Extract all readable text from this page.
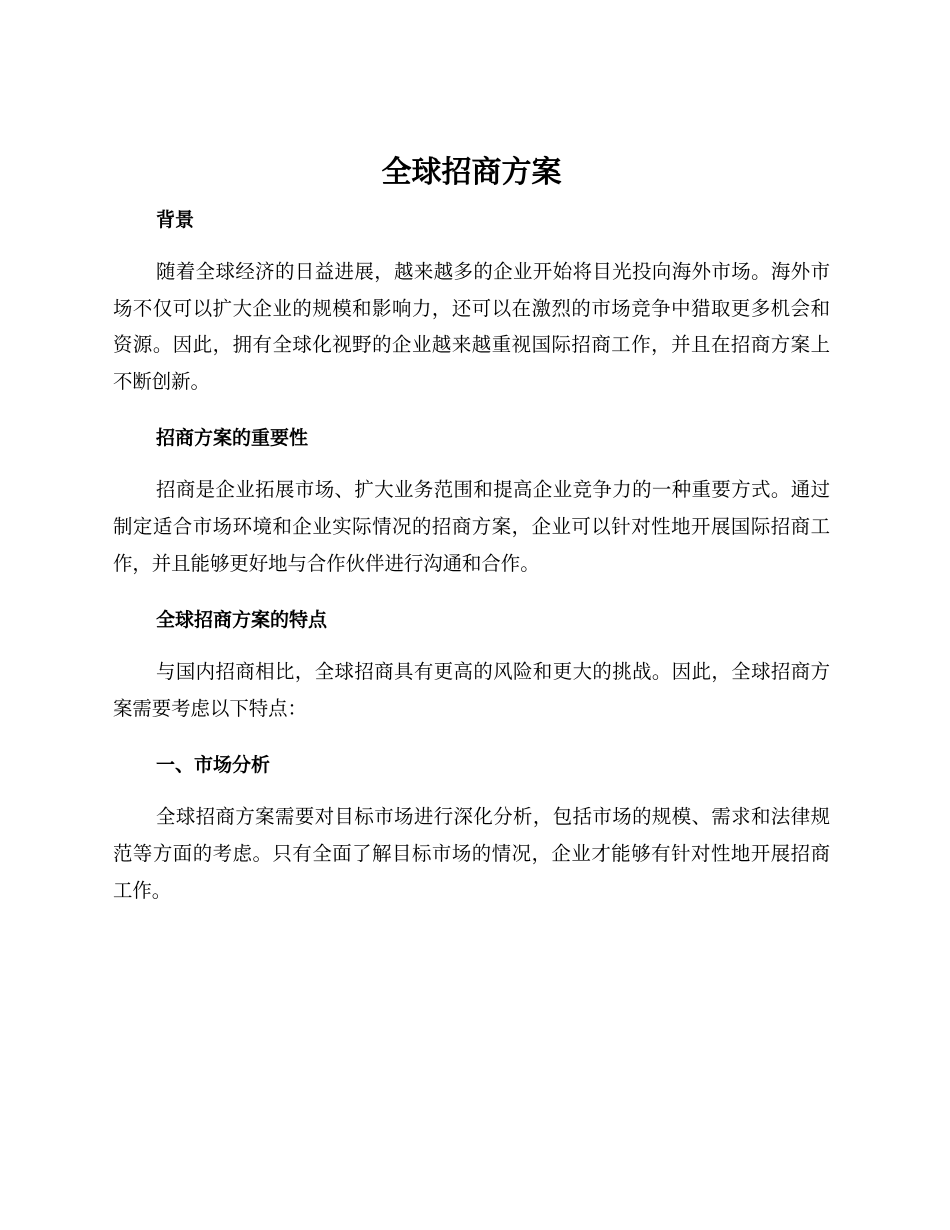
全球招商方案
背景

随着全球经济的日益进展，越来越多的企业开始将目光投向海外市场。海外市场不仅可以扩大企业的规模和影响力，还可以在激烈的市场竞争中猎取更多机会和资源。因此，拥有全球化视野的企业越来越重视国际招商工作，并且在招商方案上不断创新。

招商方案的重要性

招商是企业拓展市场、扩大业务范围和提高企业竞争力的一种重要方式。通过制定适合市场环境和企业实际情况的招商方案，企业可以针对性地开展国际招商工作，并且能够更好地与合作伙伴进行沟通和合作。

全球招商方案的特点

与国内招商相比，全球招商具有更高的风险和更大的挑战。因此，全球招商方案需要考虑以下特点：

一、市场分析

全球招商方案需要对目标市场进行深化分析，包括市场的规模、需求和法律规范等方面的考虑。只有全面了解目标市场的情况，企业才能够有针对性地开展招商工作。
